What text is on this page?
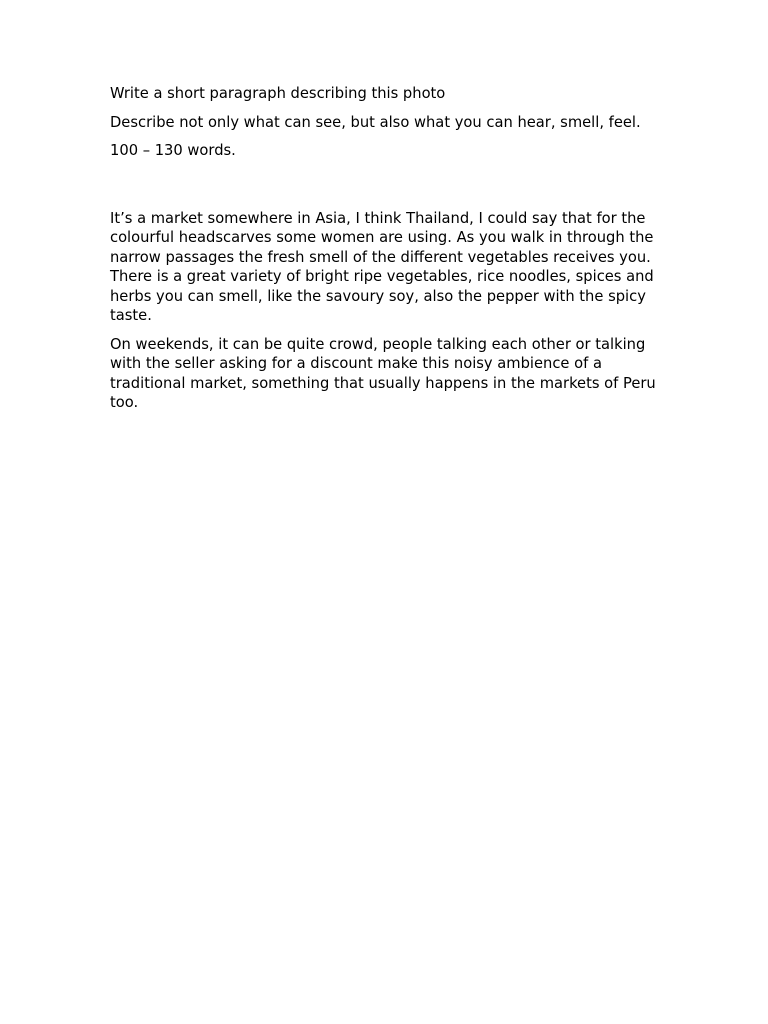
Write a short paragraph describing this photo

Describe not only what can see, but also what you can hear, smell, feel.

100 – 130 words.

It’s a market somewhere in Asia, I think Thailand, I could say that for the colourful headscarves some women are using. As you walk in through the narrow passages the fresh smell of the different vegetables receives you. There is a great variety of bright ripe vegetables, rice noodles, spices and herbs you can smell, like the savoury soy, also the pepper with the spicy taste.

On weekends, it can be quite crowd, people talking each other or talking with the seller asking for a discount make this noisy ambience of a traditional market, something that usually happens in the markets of Peru too.
